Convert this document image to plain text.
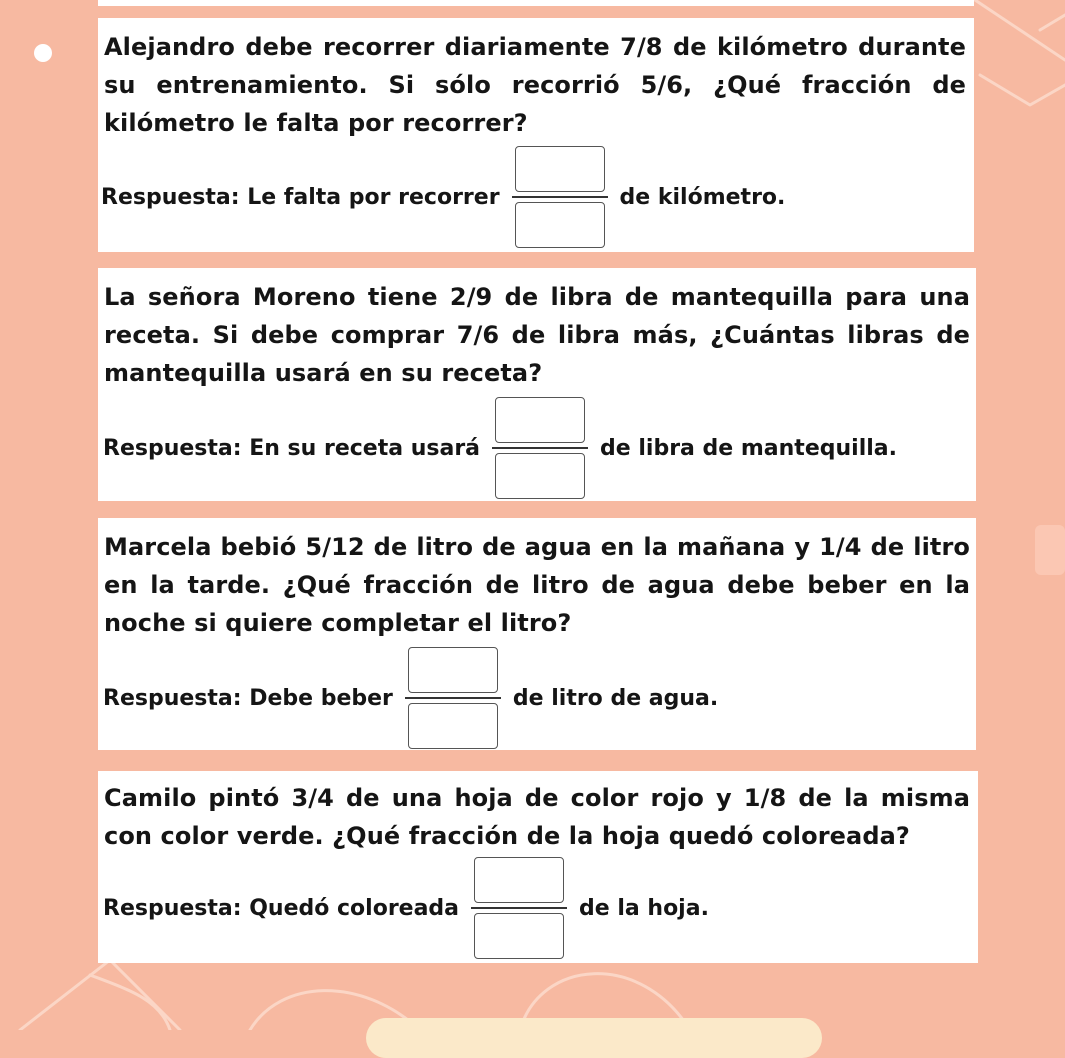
Alejandro debe recorrer diariamente 7/8 de kilómetro durante su entrenamiento. Si sólo recorrió 5/6, ¿Qué fracción de kilómetro le falta por recorrer?

Respuesta: Le falta por recorrer	de kilómetro.

La señora Moreno tiene 2/9 de libra de mantequilla para una receta. Si debe comprar 7/6 de libra más, ¿Cuántas libras de mantequilla usará en su receta?

Respuesta: En su receta usará	de libra de mantequilla.

Marcela bebió 5/12 de litro de agua en la mañana y 1/4 de litro en la tarde. ¿Qué fracción de litro de agua debe beber en la noche si quiere completar el litro?

Respuesta: Debe beber	de litro de agua.

Camilo pintó 3/4 de una hoja de color rojo y 1/8 de la misma con color verde. ¿Qué fracción de la hoja quedó coloreada?

Respuesta: Quedó coloreada	de la hoja.
